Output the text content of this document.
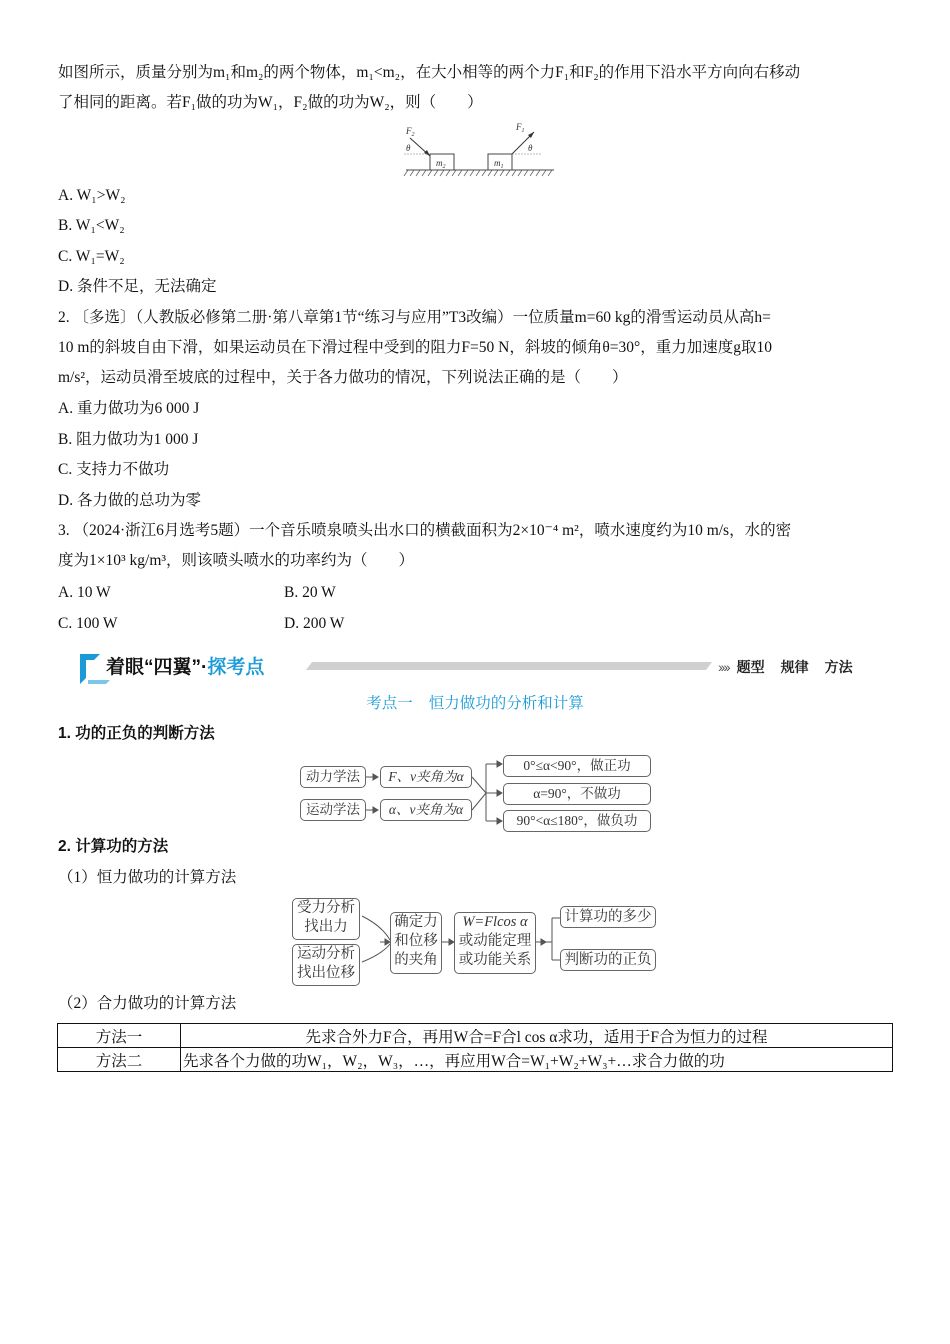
如图所示，质量分别为m₁和m₂的两个物体，m₁<m₂，在大小相等的两个力F₁和F₂的作用下沿水平方向向右移动
了相同的距离。若F₁做的功为W₁，F₂做的功为W₂，则（　　）
$m_2$	$m_1$
$F_2$
θ
$F_1$
θ
A. W₁>W₂
B. W₁<W₂
C. W₁=W₂
D. 条件不足，无法确定
2. 〔多选〕（人教版必修第二册·第八章第1节“练习与应用”T3改编）一位质量m=60 kg的滑雪运动员从高h=
10 m的斜坡自由下滑，如果运动员在下滑过程中受到的阻力F=50 N，斜坡的倾角θ=30°，重力加速度g取10
m/s²，运动员滑至坡底的过程中，关于各力做功的情况，下列说法正确的是（　　）
A. 重力做功为6 000 J
B. 阻力做功为1 000 J
C. 支持力不做功
D. 各力做的总功为零
3. （2024·浙江6月选考5题）一个音乐喷泉喷头出水口的横截面积为2×10⁻⁴ m²，喷水速度约为10 m/s，水的密
度为1×10³ kg/m³，则该喷头喷水的功率约为（　　）
A. 10 W	B. 20 W
C. 100 W	D. 200 W
着眼“四翼”·探考点	›››› 题型 规律 方法
考点一 恒力做功的分析和计算
1. 功的正负的判断方法
动力学法
运动学法
F、v夹角为α
α、v夹角为α
0°≤α<90°，做正功
α=90°，不做功
90°<α≤180°，做负功
2. 计算功的方法
（1）恒力做功的计算方法
受力分析
找出力
运动分析
找出位移
确定力
和位移
的夹角
W=Flcos α
或动能定理
或功能关系
计算功的多少
判断功的正负
（2）合力做功的计算方法
方法一	先求合外力F合，再用W合=F合l cos α求功，适用于F合为恒力的过程
方法二	先求各个力做的功W₁，W₂，W₃，…，再应用W合=W₁+W₂+W₃+…求合力做的功
